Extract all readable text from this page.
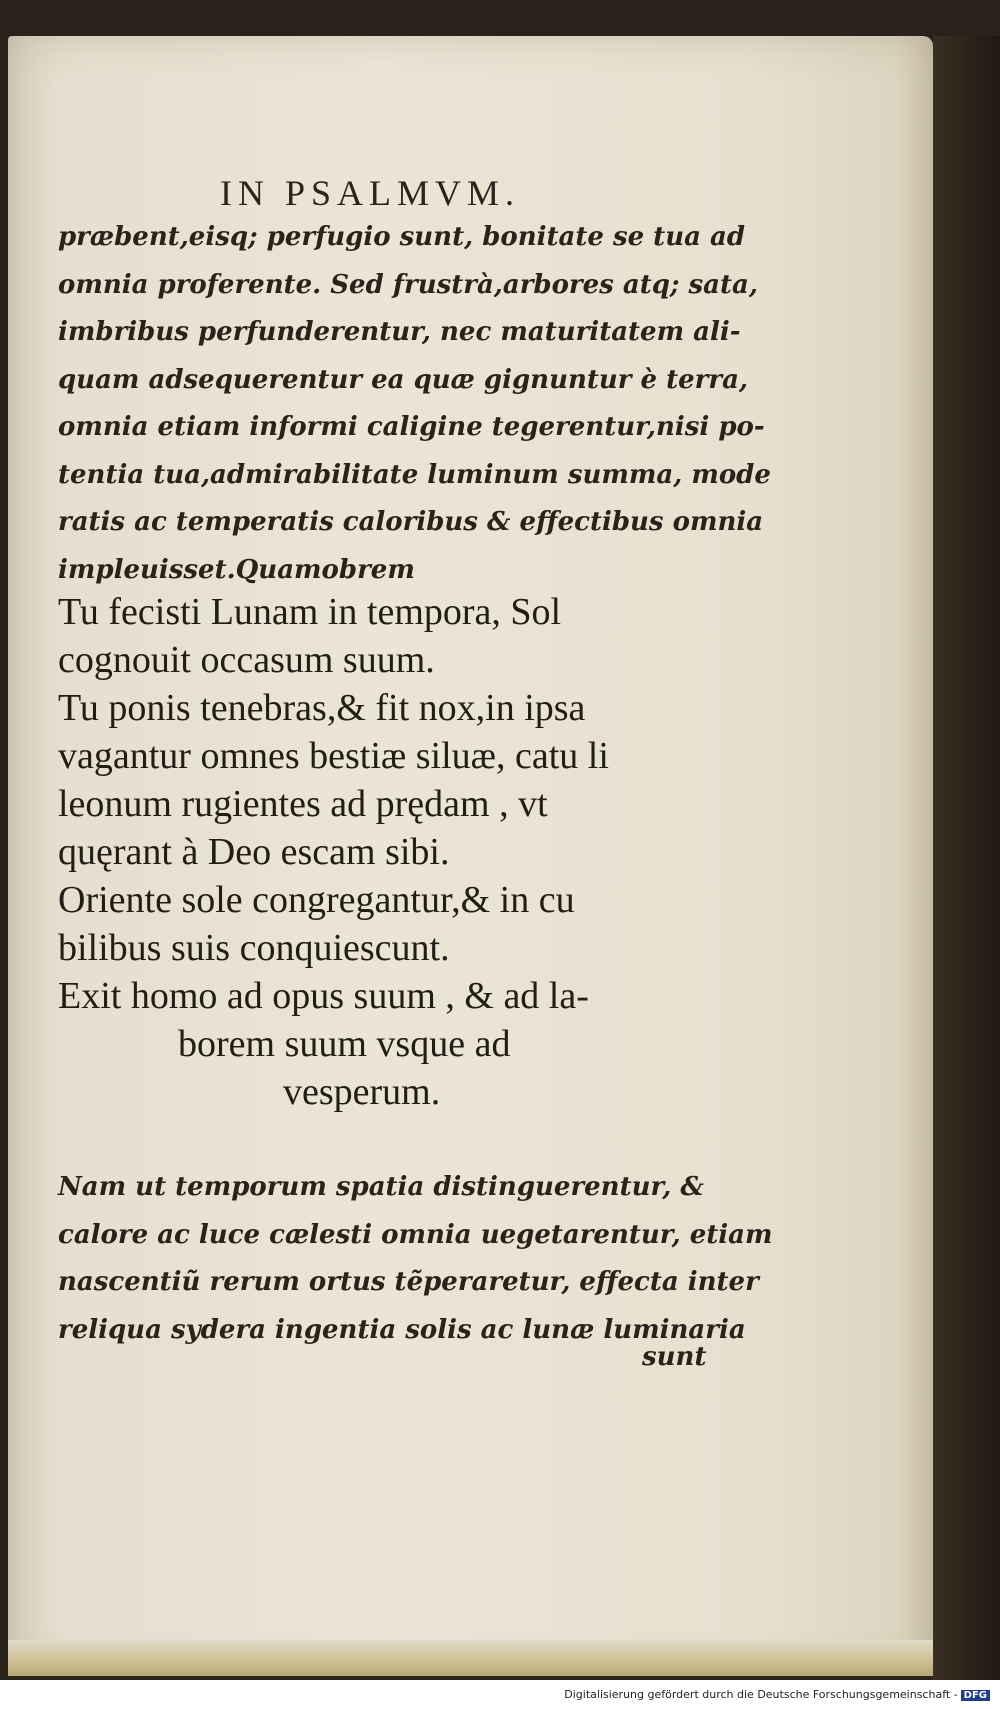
IN PSALMVM.
præbent,eisq; perfugio sunt, bonitate se tua ad
omnia proferente. Sed frustrà,arbores atq; sata,
imbribus perfunderentur, nec maturitatem ali-
quam adsequerentur ea quæ gignuntur è terra,
omnia etiam informi caligine tegerentur,nisi po-
tentia tua,admirabilitate luminum summa, mode
ratis ac temperatis caloribus & effectibus omnia
impleuisset.Quamobrem
Tu fecisti Lunam in tempora, Sol
cognouit occasum suum.
Tu ponis tenebras,& fit nox,in ipsa
vagantur omnes bestiæ siluæ, catu li
leonum rugientes ad prędam , vt
quęrant à Deo escam sibi.
Oriente sole congregantur,& in cu
bilibus suis conquiescunt.
Exit homo ad opus suum , & ad la-
borem suum vsque ad
vesperum.
Nam ut temporum spatia distinguerentur, &
calore ac luce cælesti omnia uegetarentur, etiam
nascentiũ rerum ortus tẽperaretur, effecta inter
reliqua sydera ingentia solis ac lunæ luminaria
sunt
Digitalisierung gefördert durch die Deutsche Forschungsgemeinschaft - DFG
